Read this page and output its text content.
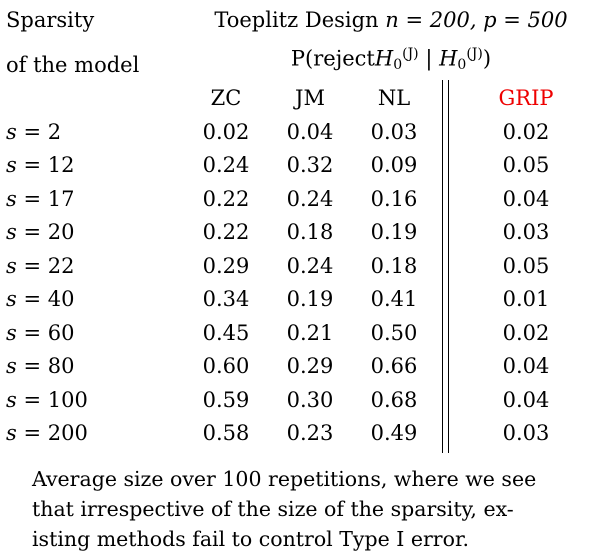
Sparsity	Toeplitz Design n = 200, p = 500				
of the model	P(rejectH$_0^{(J)}$ | $H_0^{(J)}$)				
	ZC	JM	NL		GRIP
s = 2	0.02	0.04	0.03		0.02
s = 12	0.24	0.32	0.09		0.05
s = 17	0.22	0.24	0.16		0.04
s = 20	0.22	0.18	0.19		0.03
s = 22	0.29	0.24	0.18		0.05
s = 40	0.34	0.19	0.41		0.01
s = 60	0.45	0.21	0.50		0.02
s = 80	0.60	0.29	0.66		0.04
s = 100	0.59	0.30	0.68		0.04
s = 200	0.58	0.23	0.49		0.03
Average size over 100 repetitions, where we see
that irrespective of the size of the sparsity, ex-
isting methods fail to control Type I error.
